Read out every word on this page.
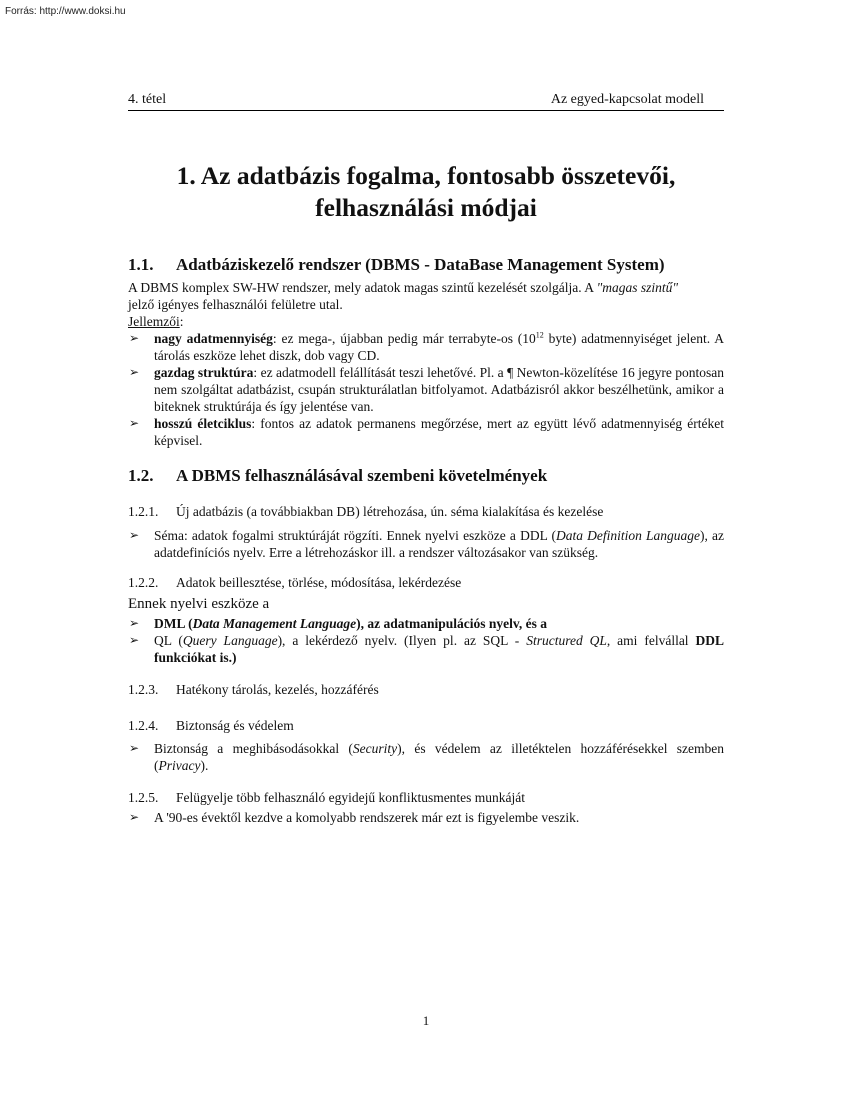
Forrás: http://www.doksi.hu
4. tétel	Az egyed-kapcsolat modell
1. Az adatbázis fogalma, fontosabb összetevői,
felhasználási módjai
1.1. Adatbáziskezelő rendszer (DBMS - DataBase Management System)
A DBMS komplex SW-HW rendszer, mely adatok magas szintű kezelését szolgálja. A "magas szintű"
jelző igényes felhasználói felületre utal.
Jellemzői:
➢ nagy adatmennyiség: ez mega-, újabban pedig már terrabyte-os ($10^{12}$ byte) adatmennyiséget jelent. A tárolás eszköze lehet diszk, dob vagy CD.
➢ gazdag struktúra: ez adatmodell felállítását teszi lehetővé. Pl. a ¶ Newton-közelítése 16 jegyre pontosan nem szolgáltat adatbázist, csupán strukturálatlan bitfolyamot. Adatbázisról akkor beszélhetünk, amikor a biteknek struktúrája és így jelentése van.
➢ hosszú életciklus: fontos az adatok permanens megőrzése, mert az együtt lévő adatmennyiség értéket képvisel.
1.2. A DBMS felhasználásával szembeni követelmények
1.2.1. Új adatbázis (a továbbiakban DB) létrehozása, ún. séma kialakítása és kezelése
➢ Séma: adatok fogalmi struktúráját rögzíti. Ennek nyelvi eszköze a DDL (Data Definition Language), az adatdefiníciós nyelv. Erre a létrehozáskor ill. a rendszer változásakor van szükség.
1.2.2. Adatok beillesztése, törlése, módosítása, lekérdezése
Ennek nyelvi eszköze a
➢ DML (Data Management Language), az adatmanipulációs nyelv, és a
➢ QL (Query Language), a lekérdező nyelv. (Ilyen pl. az SQL - Structured QL, ami felvállal DDL funkciókat is.)
1.2.3. Hatékony tárolás, kezelés, hozzáférés
1.2.4. Biztonság és védelem
➢ Biztonság a meghibásodásokkal (Security), és védelem az illetéktelen hozzáférésekkel szemben (Privacy).
1.2.5. Felügyelje több felhasználó egyidejű konfliktusmentes munkáját
➢ A '90-es évektől kezdve a komolyabb rendszerek már ezt is figyelembe veszik.
1
